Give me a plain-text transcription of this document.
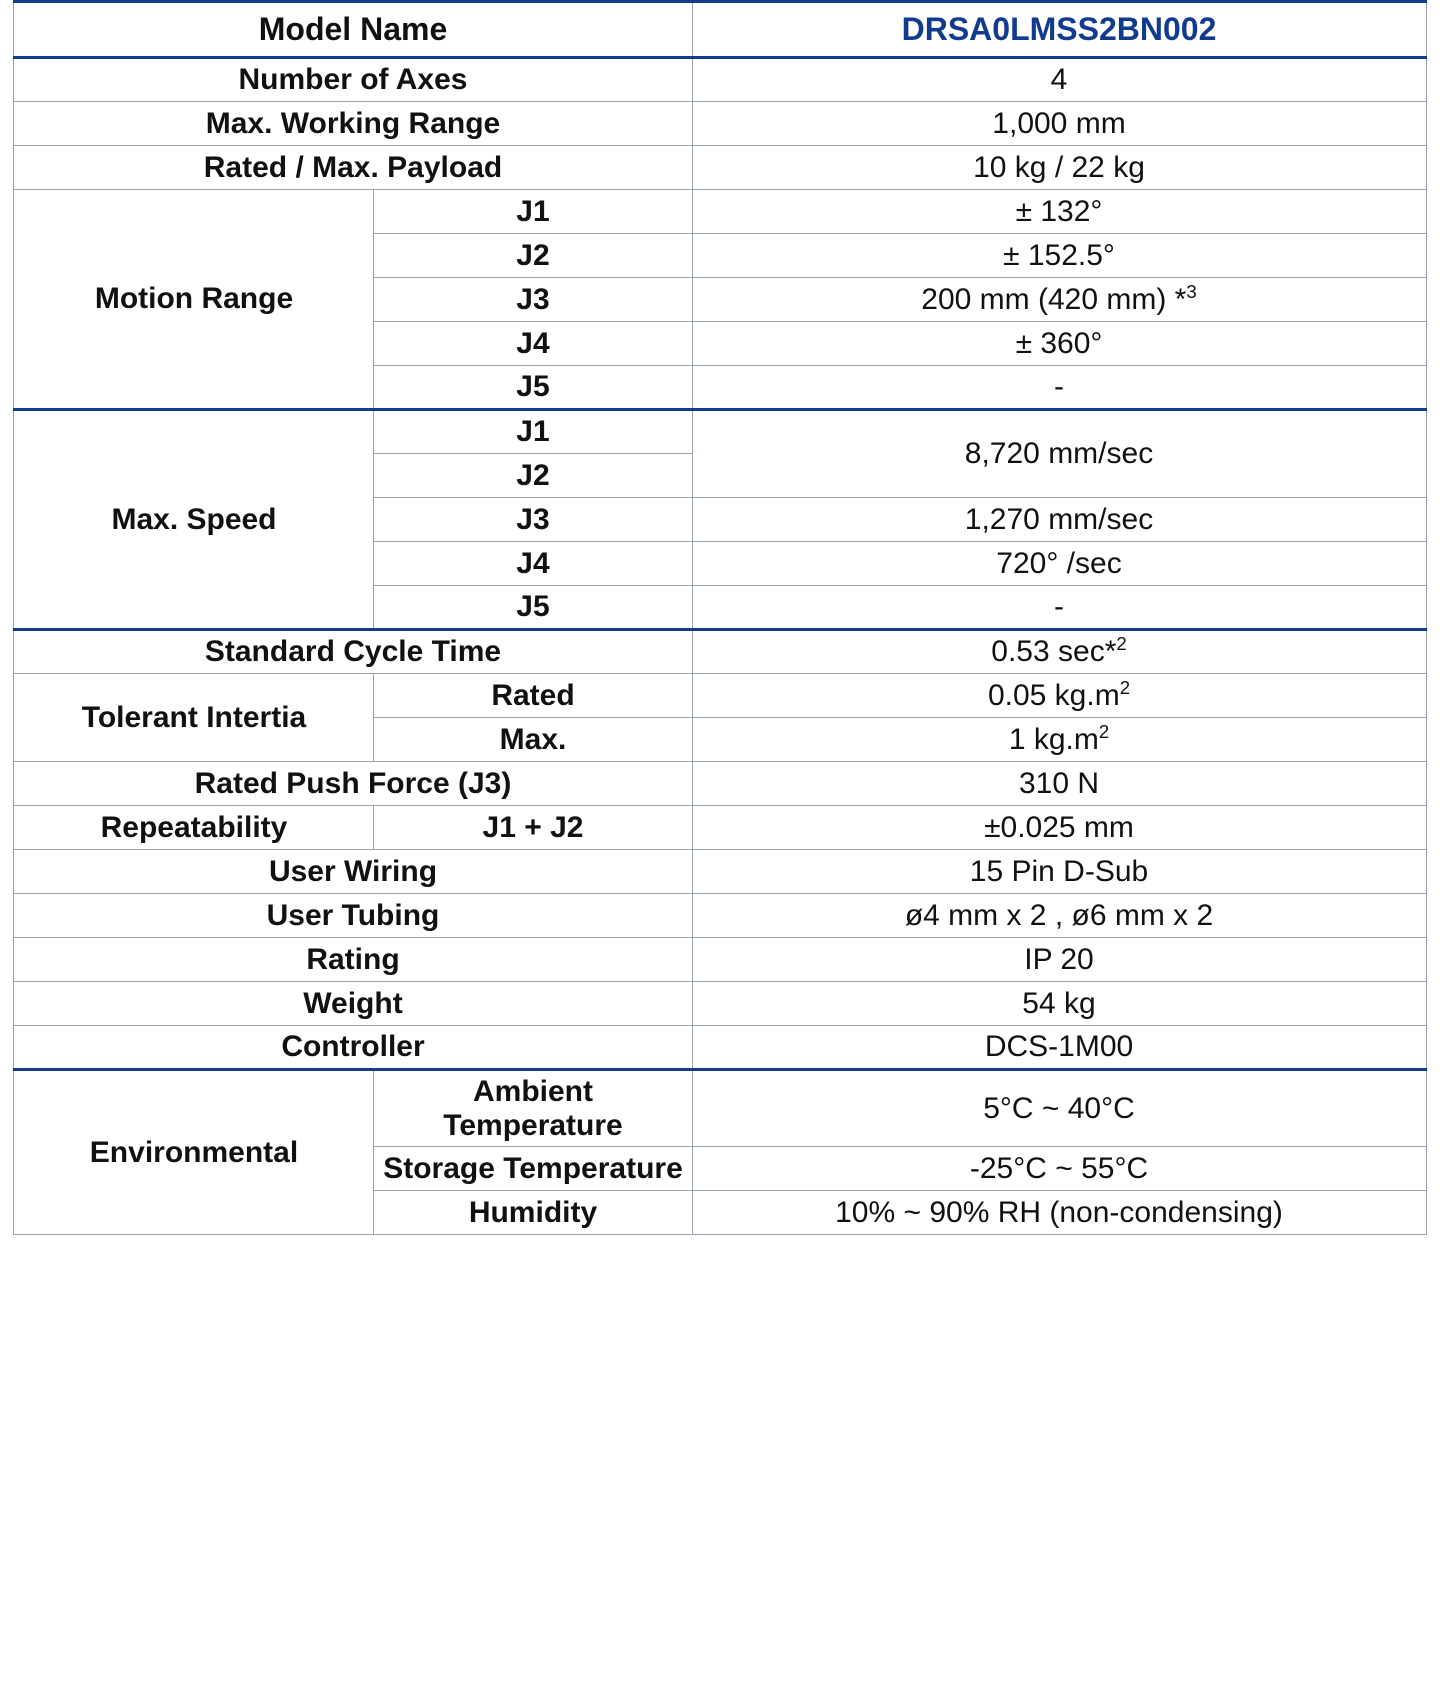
Model Name		DRSA0LMSS2BN002
Number of Axes		4
Max. Working Range		1,000 mm
Rated / Max. Payload		10 kg / 22 kg
Motion Range	J1	± 132°
	J2	± 152.5°
	J3	200 mm (420 mm) *$^3$
	J4	± 360°
	J5	-
Max. Speed	J1	8,720 mm/sec
	J2	
	J3	1,270 mm/sec
	J4	720° /sec
	J5	-
Standard Cycle Time		0.53 sec*$^2$
Tolerant Intertia	Rated	0.05 $kg.m^2$
	Max.	1 $kg.m^2$
Rated Push Force (J3)		310 N
Repeatability	J1 + J2	±0.025 mm
User Wiring		15 Pin D-Sub
User Tubing		ø4 mm x 2 , ø6 mm x 2
Rating		IP 20
Weight		54 kg
Controller		DCS-1M00
Environmental	Ambient Temperature	5°C ~ 40°C
	Storage Temperature	-25°C ~ 55°C
	Humidity	10% ~ 90% RH (non-condensing)
